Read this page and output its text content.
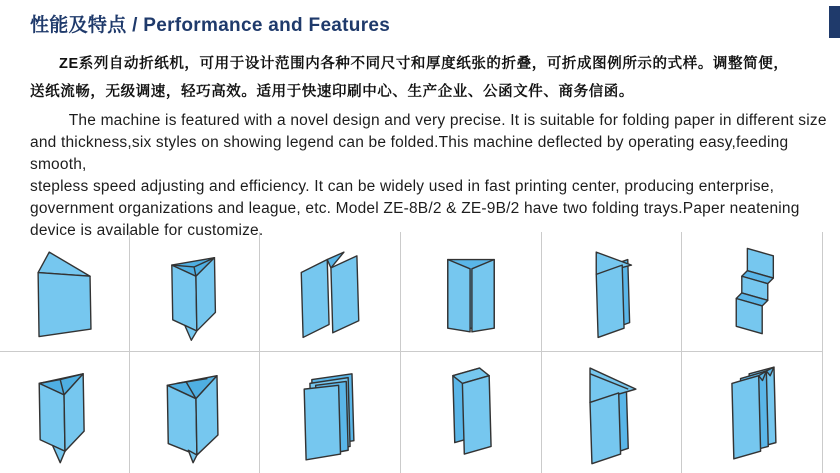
性能及特点 / Performance and Features
ZE系列自动折纸机，可用于设计范围内各种不同尺寸和厚度纸张的折叠，可折成图例所示的式样。调整简便，
送纸流畅，无级调速，轻巧高效。适用于快速印刷中心、生产企业、公函文件、商务信函。
The machine is featured with a novel design and very precise. It is suitable for folding paper in different size
and thickness,six styles on showing legend can be folded.This machine deflected by operating easy,feeding smooth,
stepless speed adjusting and efficiency. It can be widely used in fast printing center, producing enterprise,
government organizations and league, etc. Model ZE-8B/2 & ZE-9B/2 have two folding trays.Paper neatening
device is available for customize.
